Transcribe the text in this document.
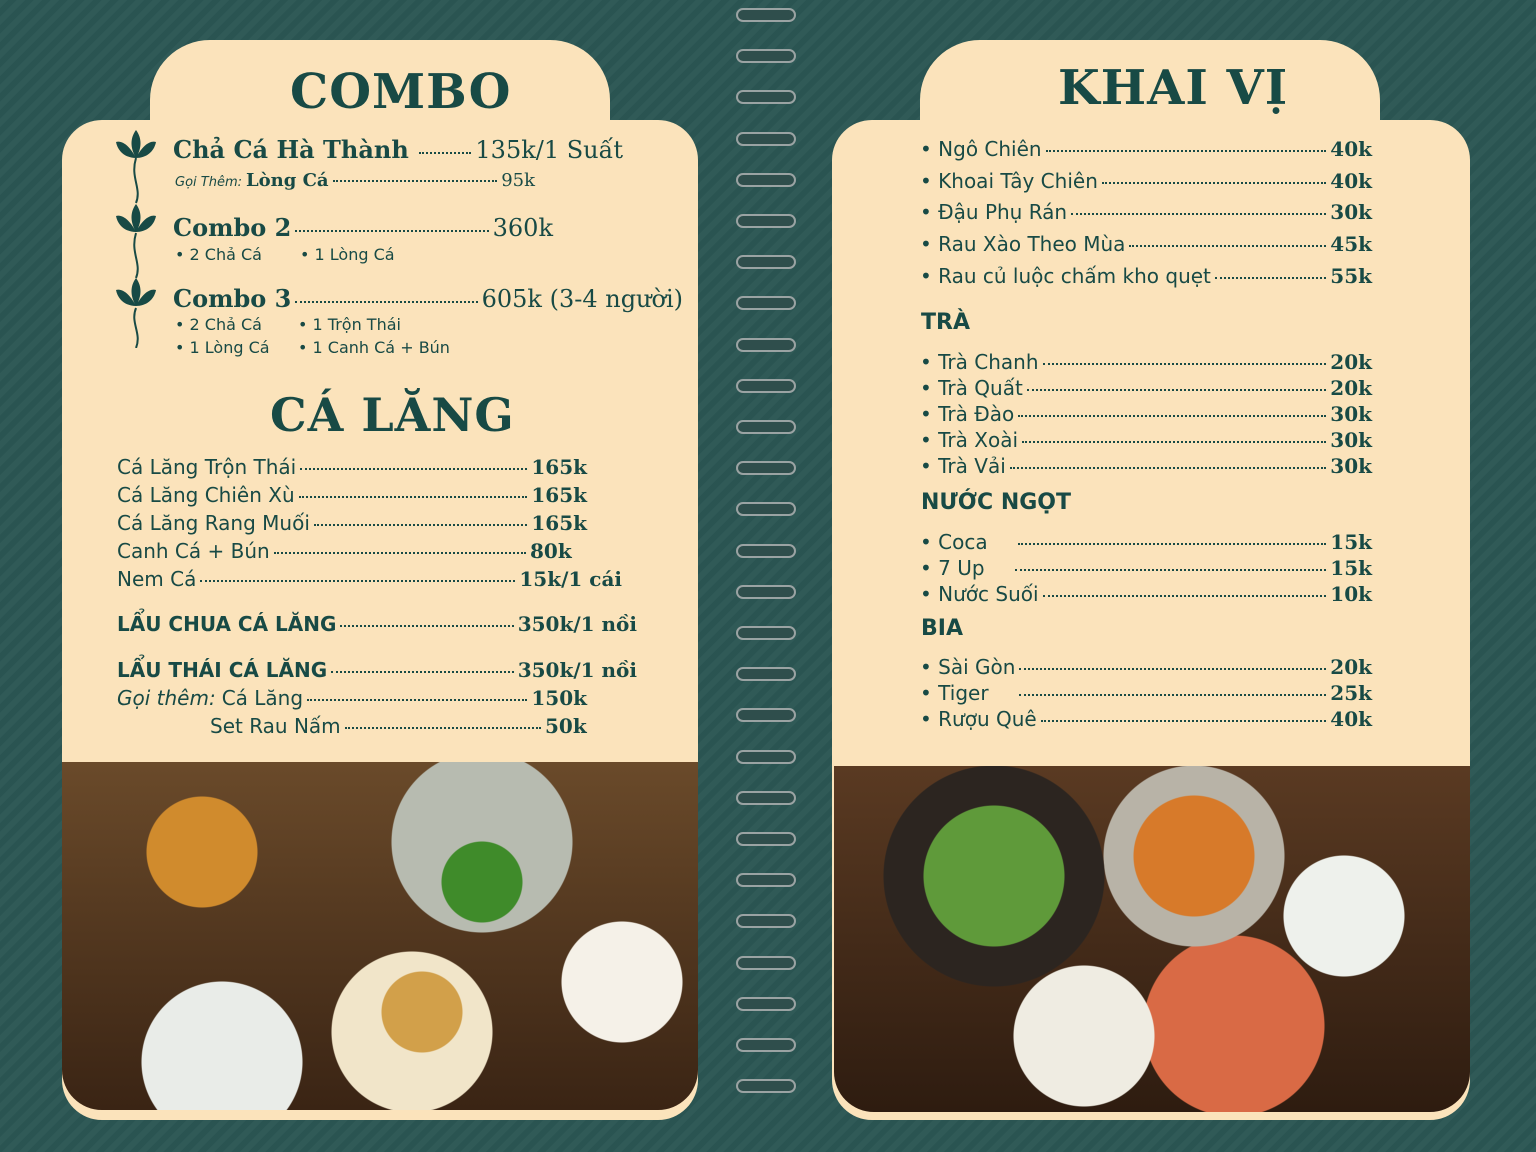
COMBO
Chả Cá Hà Thành	135k/1 Suất
Gọi Thêm: Lòng Cá	95k
Combo 2	360k
• 2 Chả Cá • 1 Lòng Cá
Combo 3	605k (3-4 người)
• 2 Chả Cá • 1 Trộn Thái
• 1 Lòng Cá • 1 Canh Cá + Bún
CÁ LĂNG
Cá Lăng Trộn Thái	165k
Cá Lăng Chiên Xù	165k
Cá Lăng Rang Muối	165k
Canh Cá + Bún	80k
Nem Cá	15k/1 cái
LẨU CHUA CÁ LĂNG	350k/1 nồi
LẨU THÁI CÁ LĂNG	350k/1 nồi
Gọi thêm: Cá Lăng	150k
Set Rau Nấm	50k
KHAI VỊ
• Ngô Chiên	40k
• Khoai Tây Chiên	40k
• Đậu Phụ Rán	30k
• Rau Xào Theo Mùa	45k
• Rau củ luộc chấm kho quẹt	55k
TRÀ
• Trà Chanh	20k
• Trà Quất	20k
• Trà Đào	30k
• Trà Xoài	30k
• Trà Vải	30k
NƯỚC NGỌT
• Coca	15k
• 7 Up	15k
• Nước Suối	10k
BIA
• Sài Gòn	20k
• Tiger	25k
• Rượu Quê	40k
